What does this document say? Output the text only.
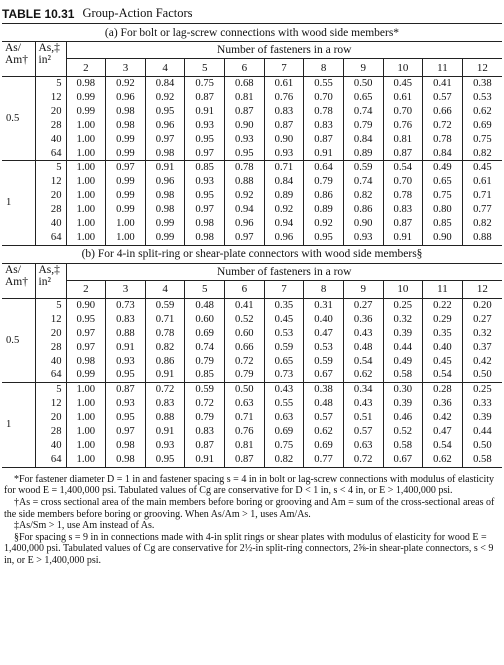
TABLE 10.31 Group-Action Factors
(a) For bolt or lag-screw connections with wood side members*												
As/ Am†	As,‡ in²	Number of fasteners in a row										
		2	3	4	5	6	7	8	9	10	11	12
0.5	5	0.98	0.92	0.84	0.75	0.68	0.61	0.55	0.50	0.45	0.41	0.38
	12	0.99	0.96	0.92	0.87	0.81	0.76	0.70	0.65	0.61	0.57	0.53
	20	0.99	0.98	0.95	0.91	0.87	0.83	0.78	0.74	0.70	0.66	0.62
	28	1.00	0.98	0.96	0.93	0.90	0.87	0.83	0.79	0.76	0.72	0.69
	40	1.00	0.99	0.97	0.95	0.93	0.90	0.87	0.84	0.81	0.78	0.75
	64	1.00	0.99	0.98	0.97	0.95	0.93	0.91	0.89	0.87	0.84	0.82
1	5	1.00	0.97	0.91	0.85	0.78	0.71	0.64	0.59	0.54	0.49	0.45
	12	1.00	0.99	0.96	0.93	0.88	0.84	0.79	0.74	0.70	0.65	0.61
	20	1.00	0.99	0.98	0.95	0.92	0.89	0.86	0.82	0.78	0.75	0.71
	28	1.00	0.99	0.98	0.97	0.94	0.92	0.89	0.86	0.83	0.80	0.77
	40	1.00	1.00	0.99	0.98	0.96	0.94	0.92	0.90	0.87	0.85	0.82
	64	1.00	1.00	0.99	0.98	0.97	0.96	0.95	0.93	0.91	0.90	0.88
(b) For 4-in split-ring or shear-plate connectors with wood side members§												
As/ Am†	As,‡ in²	Number of fasteners in a row										
		2	3	4	5	6	7	8	9	10	11	12
0.5	5	0.90	0.73	0.59	0.48	0.41	0.35	0.31	0.27	0.25	0.22	0.20
	12	0.95	0.83	0.71	0.60	0.52	0.45	0.40	0.36	0.32	0.29	0.27
	20	0.97	0.88	0.78	0.69	0.60	0.53	0.47	0.43	0.39	0.35	0.32
	28	0.97	0.91	0.82	0.74	0.66	0.59	0.53	0.48	0.44	0.40	0.37
	40	0.98	0.93	0.86	0.79	0.72	0.65	0.59	0.54	0.49	0.45	0.42
	64	0.99	0.95	0.91	0.85	0.79	0.73	0.67	0.62	0.58	0.54	0.50
1	5	1.00	0.87	0.72	0.59	0.50	0.43	0.38	0.34	0.30	0.28	0.25
	12	1.00	0.93	0.83	0.72	0.63	0.55	0.48	0.43	0.39	0.36	0.33
	20	1.00	0.95	0.88	0.79	0.71	0.63	0.57	0.51	0.46	0.42	0.39
	28	1.00	0.97	0.91	0.83	0.76	0.69	0.62	0.57	0.52	0.47	0.44
	40	1.00	0.98	0.93	0.87	0.81	0.75	0.69	0.63	0.58	0.54	0.50
	64	1.00	0.98	0.95	0.91	0.87	0.82	0.77	0.72	0.67	0.62	0.58

*For fastener diameter D = 1 in and fastener spacing s = 4 in in bolt or lag-screw connections with modulus of elasticity for wood E = 1,400,000 psi. Tabulated values of Cg are conservative for D < 1 in, s < 4 in, or E > 1,400,000 psi.

†As = cross sectional area of the main members before boring or grooving and Am = sum of the cross-sectional areas of the side members before boring or grooving. When As/Am > 1, uses Am/As.

‡As/Sm > 1, use Am instead of As.

§For spacing s = 9 in in connections made with 4-in split rings or shear plates with modulus of elasticity for wood E = 1,400,000 psi. Tabulated values of Cg are conservative for 2½-in split-ring connectors, 2⅝-in shear-plate connectors, s < 9 in, or E > 1,400,000 psi.
